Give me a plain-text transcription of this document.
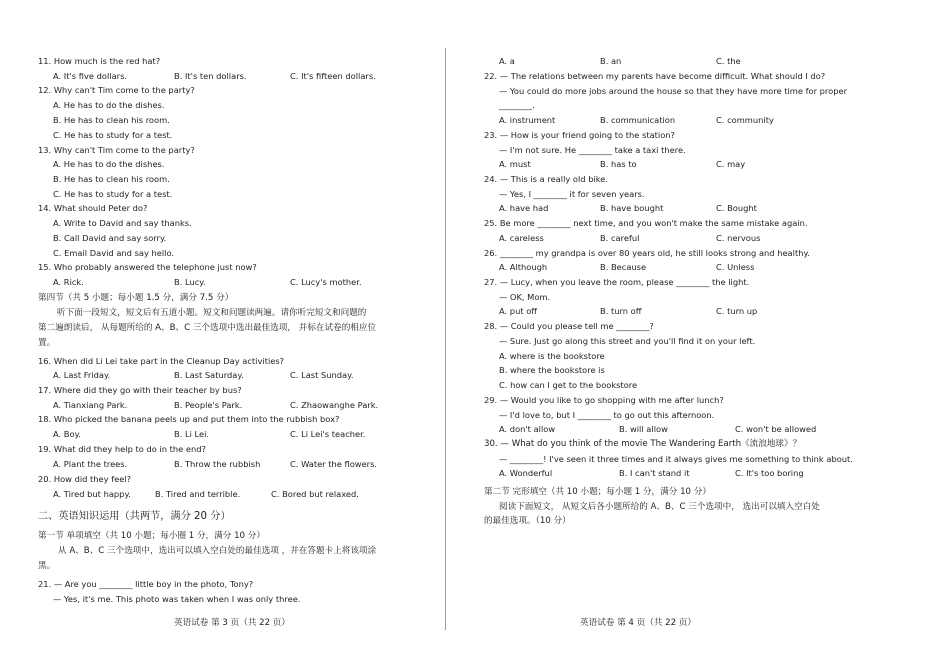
11. How much is the red hat?
A. It's five dollars.	B. It's ten dollars.	C. It's fifteen dollars.
12. Why can't Tim come to the party?
A. He has to do the dishes.
B. He has to clean his room.
C. He has to study for a test.
13. Why can't Tim come to the party?
A. He has to do the dishes.
B. He has to clean his room.
C. He has to study for a test.
14. What should Peter do?
A. Write to David and say thanks.
B. Call David and say sorry.
C. Email David and say hello.
15. Who probably answered the telephone just now?
A. Rick.	B. Lucy.	C. Lucy's mother.
第四节（共 5 小题；每小题 1.5 分，满分 7.5 分）
听下面一段短文，短文后有五道小题。短文和问题读两遍。请你听完短文和问题的
第二遍朗读后， 从每题所给的 A、B、C 三个选项中选出最佳选项， 并标在试卷的相应位
置。
16. When did Li Lei take part in the Cleanup Day activities?
A. Last Friday.	B. Last Saturday.	C. Last Sunday.
17. Where did they go with their teacher by bus?
A. Tianxiang Park.	B. People's Park.	C. Zhaowanghe Park.
18. Who picked the banana peels up and put them into the rubbish box?
A. Boy.	B. Li Lei.	C. Li Lei's teacher.
19. What did they help to do in the end?
A. Plant the trees.	B. Throw the rubbish	C. Water the flowers.
20. How did they feel?
A. Tired but happy.	B. Tired and terrible.	C. Bored but relaxed.
二、英语知识运用（共两节，满分 20 分）
第一节 单项填空（共 10 小题；每小圈 1 分，满分 10 分）
从 A、B、C 三个选项中，选出可以填入空白处的最佳选项 ，并在答题卡上将该项涂
黑。
21. — Are you ________ little boy in the photo, Tony?
— Yes, it's me. This photo was taken when I was only three.
A. a	B. an	C. the
22. — The relations between my parents have become difficult. What should I do?
— You could do more jobs around the house so that they have more time for proper
________.
A. instrument	B. communication	C. community
23. — How is your friend going to the station?
— I'm not sure. He ________ take a taxi there.
A. must	B. has to	C. may
24. — This is a really old bike.
— Yes, I ________ it for seven years.
A. have had	B. have bought	C. Bought
25. Be more ________ next time, and you won't make the same mistake again.
A. careless	B. careful	C. nervous
26. ________ my grandpa is over 80 years old, he still looks strong and healthy.
A. Although	B. Because	C. Unless
27. — Lucy, when you leave the room, please ________ the light.
— OK, Mom.
A. put off	B. turn off	C. turn up
28. — Could you please tell me ________?
— Sure. Just go along this street and you'll find it on your left.
A. where is the bookstore
B. where the bookstore is
C. how can I get to the bookstore
29. — Would you like to go shopping with me after lunch?
— I'd love to, but I ________ to go out this afternoon.
A. don't allow	B. will allow	C. won't be allowed
30. — What do you think of the movie The Wandering Earth《流浪地球》？
— ________! I've seen it three times and it always gives me something to think about.
A. Wonderful	B. I can't stand it	C. It's too boring
第二节 完形填空（共 10 小题；每小题 1 分，满分 10 分）
阅读下面短文， 从短文后各小题所给的 A、B、C 三个选项中， 选出可以填入空白处
的最佳选项。（10 分）
英语试卷 第 3 页（共 22 页）	英语试卷 第 4 页（共 22 页）
